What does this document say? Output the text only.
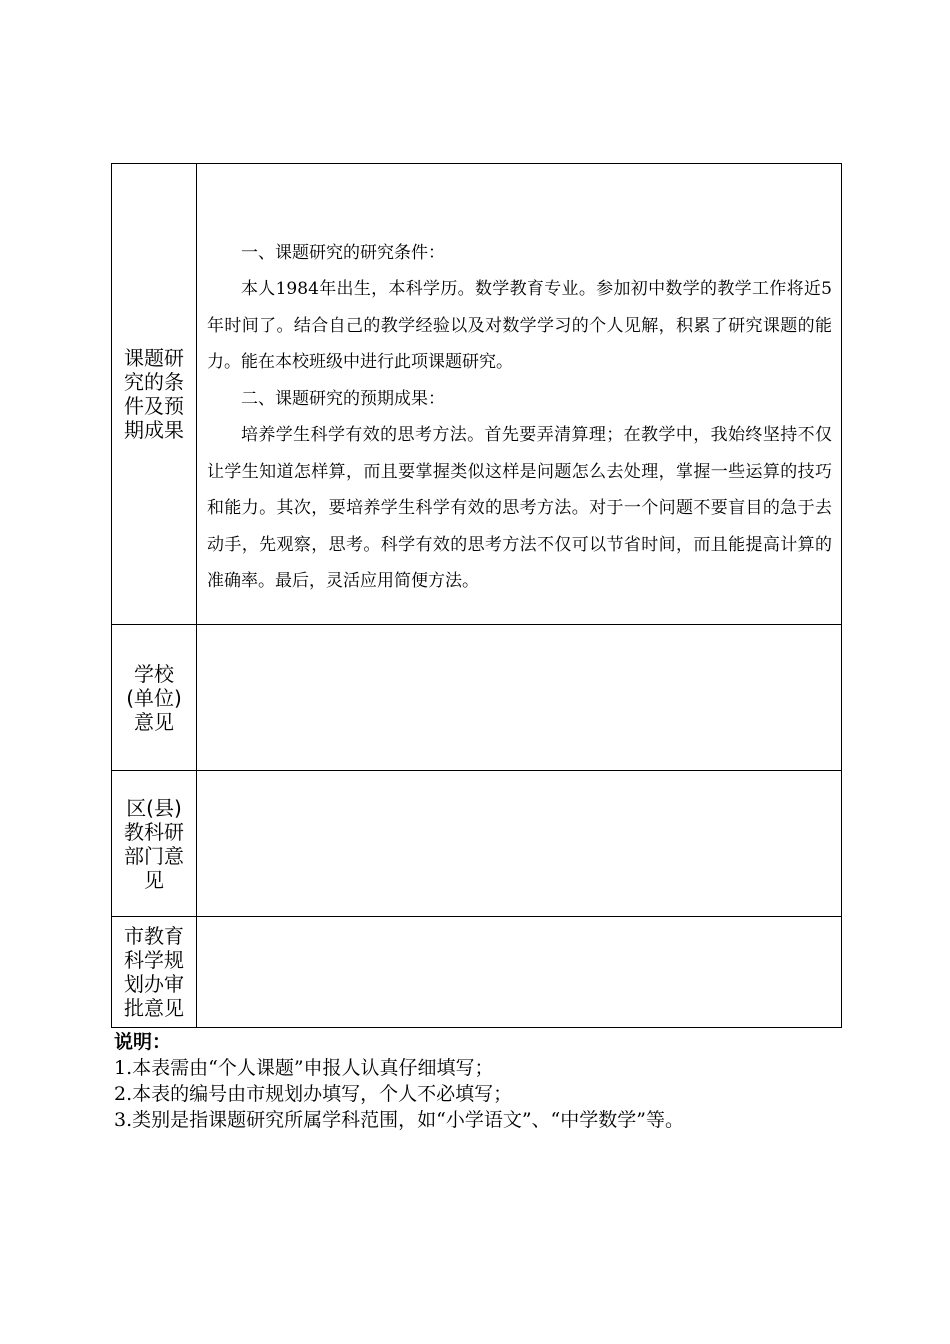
课题研究的条件及预期成果	一、课题研究的研究条件：

本人1984年出生，本科学历。数学教育专业。参加初中数学的教学工作将近5年时间了。结合自己的教学经验以及对数学学习的个人见解，积累了研究课题的能力。能在本校班级中进行此项课题研究。

二、课题研究的预期成果：

培养学生科学有效的思考方法。首先要弄清算理；在教学中，我始终坚持不仅让学生知道怎样算，而且要掌握类似这样是问题怎么去处理，掌握一些运算的技巧和能力。其次，要培养学生科学有效的思考方法。对于一个问题不要盲目的急于去动手，先观察，思考。科学有效的思考方法不仅可以节省时间，而且能提高计算的准确率。最后，灵活应用简便方法。

学校(单位)意见	
区(县)教科研部门意见	
市教育科学规划办审批意见	
说明：
1.本表需由“个人课题”申报人认真仔细填写；
2.本表的编号由市规划办填写，个人不必填写；
3.类别是指课题研究所属学科范围，如“小学语文”、“中学数学”等。
